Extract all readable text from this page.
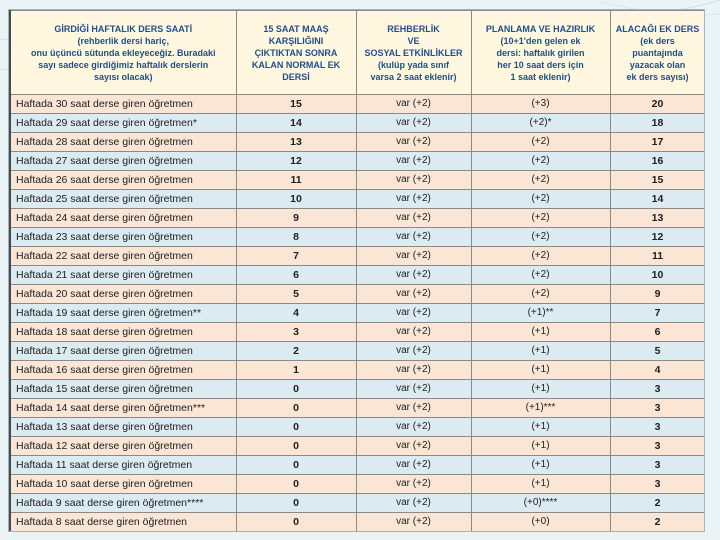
GİRDİĞİ HAFTALIK DERS SAATİ
(rehberlik dersi hariç,
onu üçüncü sütunda ekleyeceğiz. Buradaki
sayı sadece girdiğimiz haftalık derslerin
sayısı olacak)	15 SAAT MAAŞ
KARŞILIĞINI
ÇIKTIKTAN SONRA
KALAN NORMAL EK
DERSİ	REHBERLİK
VE
SOSYAL ETKİNLİKLER
(kulüp yada sınıf
varsa 2 saat eklenir)	PLANLAMA VE HAZIRLIK
(10+1'den gelen ek
dersi: haftalık girilen
her 10 saat ders için
1 saat eklenir)	ALACAĞI EK DERS
(ek ders
puantajında
yazacak olan
ek ders sayısı)

Haftada 30 saat derse giren öğretmen	15	var (+2)	(+3)	20
Haftada 29 saat derse giren öğretmen*	14	var (+2)	(+2)*	18
Haftada 28 saat derse giren öğretmen	13	var (+2)	(+2)	17
Haftada 27 saat derse giren öğretmen	12	var (+2)	(+2)	16
Haftada 26 saat derse giren öğretmen	11	var (+2)	(+2)	15
Haftada 25 saat derse giren öğretmen	10	var (+2)	(+2)	14
Haftada 24 saat derse giren öğretmen	9	var (+2)	(+2)	13
Haftada 23 saat derse giren öğretmen	8	var (+2)	(+2)	12
Haftada 22 saat derse giren öğretmen	7	var (+2)	(+2)	11
Haftada 21 saat derse giren öğretmen	6	var (+2)	(+2)	10
Haftada 20 saat derse giren öğretmen	5	var (+2)	(+2)	9
Haftada 19 saat derse giren öğretmen**	4	var (+2)	(+1)**	7
Haftada 18 saat derse giren öğretmen	3	var (+2)	(+1)	6
Haftada 17 saat derse giren öğretmen	2	var (+2)	(+1)	5
Haftada 16 saat derse giren öğretmen	1	var (+2)	(+1)	4
Haftada 15 saat derse giren öğretmen	0	var (+2)	(+1)	3
Haftada 14 saat derse giren öğretmen***	0	var (+2)	(+1)***	3
Haftada 13 saat derse giren öğretmen	0	var (+2)	(+1)	3
Haftada 12 saat derse giren öğretmen	0	var (+2)	(+1)	3
Haftada 11 saat derse giren öğretmen	0	var (+2)	(+1)	3
Haftada 10 saat derse giren öğretmen	0	var (+2)	(+1)	3
Haftada 9 saat derse giren öğretmen****	0	var (+2)	(+0)****	2
Haftada 8 saat derse giren öğretmen	0	var (+2)	(+0)	2
